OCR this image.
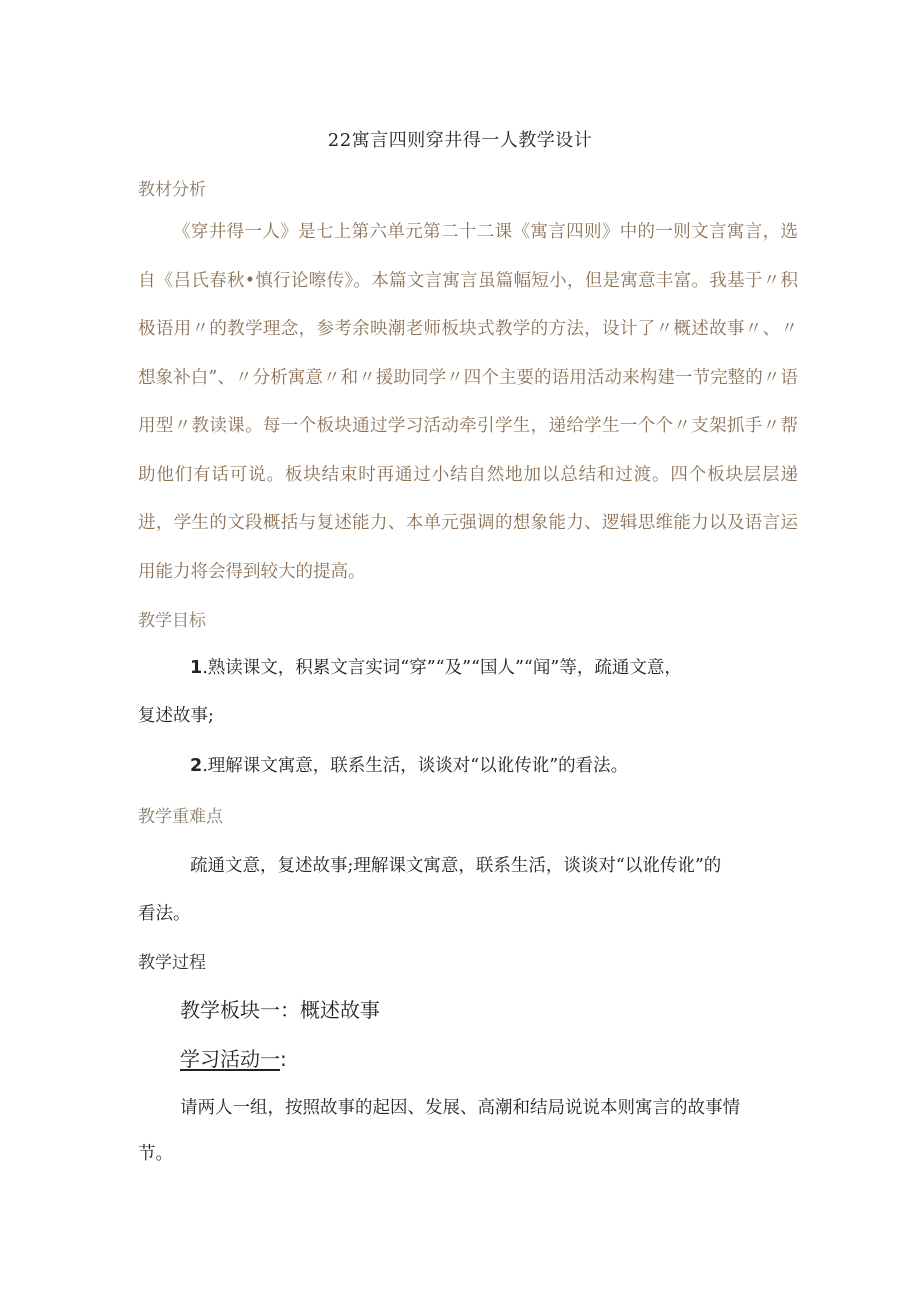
22寓言四则穿井得一人教学设计
教材分析
《穿井得一人》是七上第六单元第二十二课《寓言四则》中的一则文言寓言，选自《吕氏春秋•慎行论嚓传》。本篇文言寓言虽篇幅短小，但是寓意丰富。我基于〃积极语用〃的教学理念，参考余映潮老师板块式教学的方法，设计了〃概述故事〃、〃想象补白”、〃分析寓意〃和〃援助同学〃四个主要的语用活动来构建一节完整的〃语用型〃教读课。每一个板块通过学习活动牵引学生，递给学生一个个〃支架抓手〃帮助他们有话可说。板块结束时再通过小结自然地加以总结和过渡。四个板块层层递进，学生的文段概括与复述能力、本单元强调的想象能力、逻辑思维能力以及语言运用能力将会得到较大的提高。
教学目标
1.熟读课文，积累文言实词“穿”“及”“国人”“闻”等，疏通文意，
复述故事;
2.理解课文寓意，联系生活，谈谈对“以讹传讹”的看法。
教学重难点
疏通文意，复述故事;理解课文寓意，联系生活，谈谈对“以讹传讹”的
看法。
教学过程
教学板块一：概述故事
学习活动一:
请两人一组，按照故事的起因、发展、高潮和结局说说本则寓言的故事情
节。
